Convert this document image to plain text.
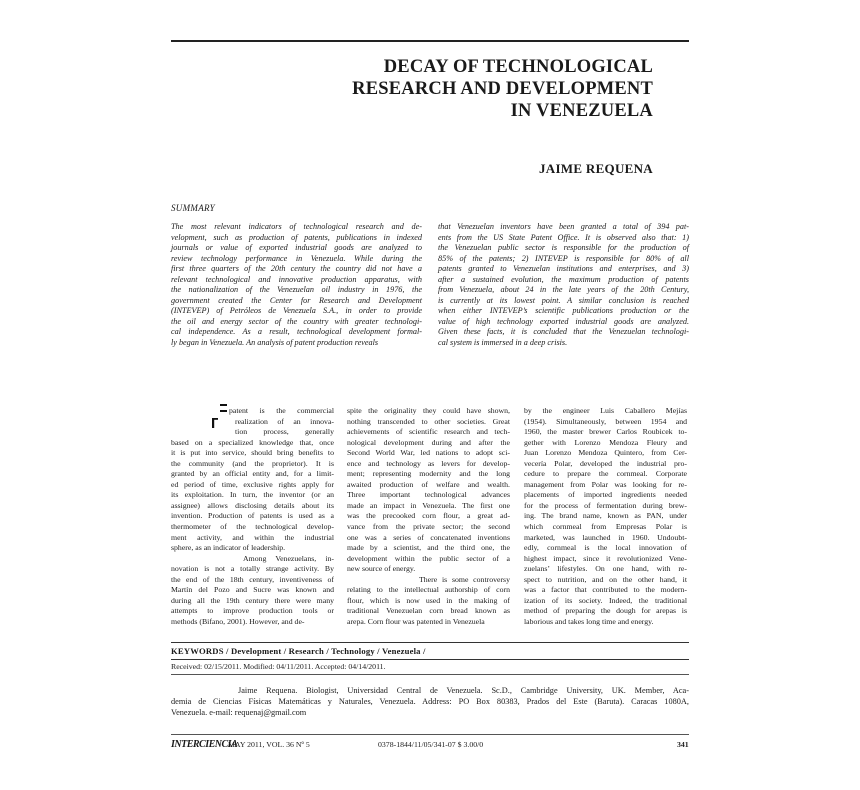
DECAY OF TECHNOLOGICAL
RESEARCH AND DEVELOPMENT
IN VENEZUELA
JAIME REQUENA
SUMMARY
The most relevant indicators of technological research and de-
velopment, such as production of patents, publications in indexed
journals or value of exported industrial goods are analyzed to
review technology performance in Venezuela. While during the
first three quarters of the 20th century the country did not have a
relevant technological and innovative production apparatus, with
the nationalization of the Venezuelan oil industry in 1976, the
government created the Center for Research and Development
(INTEVEP) of Petróleos de Venezuela S.A., in order to provide
the oil and energy sector of the country with greater technologi-
cal independence. As a result, technological development formal-
ly began in Venezuela. An analysis of patent production reveals
that Venezuelan inventors have been granted a total of 394 pat-
ents from the US State Patent Office. It is observed also that: 1)
the Venezuelan public sector is responsible for the production of
85% of the patents; 2) INTEVEP is responsible for 80% of all
patents granted to Venezuelan institutions and enterprises, and 3)
after a sustained evolution, the maximum production of patents
from Venezuela, about 24 in the late years of the 20th Century,
is currently at its lowest point. A similar conclusion is reached
when either INTEVEP’s scientific publications production or the
value of high technology exported industrial goods are analyzed.
Given these facts, it is concluded that the Venezuelan technologi-
cal system is immersed in a deep crisis.
patent is the commercial
realization of an innova-
tion process, generally
based on a specialized knowledge that, once
it is put into service, should bring benefits to
the community (and the proprietor). It is
granted by an official entity and, for a limit-
ed period of time, exclusive rights apply for
its exploitation. In turn, the inventor (or an
assignee) allows disclosing details about its
invention. Production of patents is used as a
thermometer of the technological develop-
ment activity, and within the industrial
sphere, as an indicator of leadership.
Among Venezuelans, in-
novation is not a totally strange activity. By
the end of the 18th century, inventiveness of
Martín del Pozo and Sucre was known and
during all the 19th century there were many
attempts to improve production tools or
methods (Bifano, 2001). However, and de-
spite the originality they could have shown,
nothing transcended to other societies. Great
achievements of scientific research and tech-
nological development during and after the
Second World War, led nations to adopt sci-
ence and technology as levers for develop-
ment; representing modernity and the long
awaited production of welfare and wealth.
Three important technological advances
made an impact in Venezuela. The first one
was the precooked corn flour, a great ad-
vance from the private sector; the second
one was a series of concatenated inventions
made by a scientist, and the third one, the
development within the public sector of a
new source of energy.
There is some controversy
relating to the intellectual authorship of corn
flour, which is now used in the making of
traditional Venezuelan corn bread known as
arepa. Corn flour was patented in Venezuela
by the engineer Luis Caballero Mejías
(1954). Simultaneously, between 1954 and
1960, the master brewer Carlos Roubicek to-
gether with Lorenzo Mendoza Fleury and
Juan Lorenzo Mendoza Quintero, from Cer-
vecería Polar, developed the industrial pro-
cedure to prepare the cornmeal. Corporate
management from Polar was looking for re-
placements of imported ingredients needed
for the process of fermentation during brew-
ing. The brand name, known as PAN, under
which cornmeal from Empresas Polar is
marketed, was launched in 1960. Undoubt-
edly, cornmeal is the local innovation of
highest impact, since it revolutionized Vene-
zuelans’ lifestyles. On one hand, with re-
spect to nutrition, and on the other hand, it
was a factor that contributed to the modern-
ization of its society. Indeed, the traditional
method of preparing the dough for arepas is
laborious and takes long time and energy.
KEYWORDS / Development / Research / Technology / Venezuela /
Received: 02/15/2011. Modified: 04/11/2011. Accepted: 04/14/2011.
Jaime Requena. Biologist, Universidad Central de Venezuela. Sc.D., Cambridge University, UK. Member, Aca-
demia de Ciencias Físicas Matemáticas y Naturales, Venezuela. Address: PO Box 80383, Prados del Este (Baruta). Caracas 1080A,
Venezuela. e-mail: requenaj@gmail.com
INTERCIENCIA
MAY 2011, VOL. 36 Nº 5	0378-1844/11/05/341-07 $ 3.00/0	341
